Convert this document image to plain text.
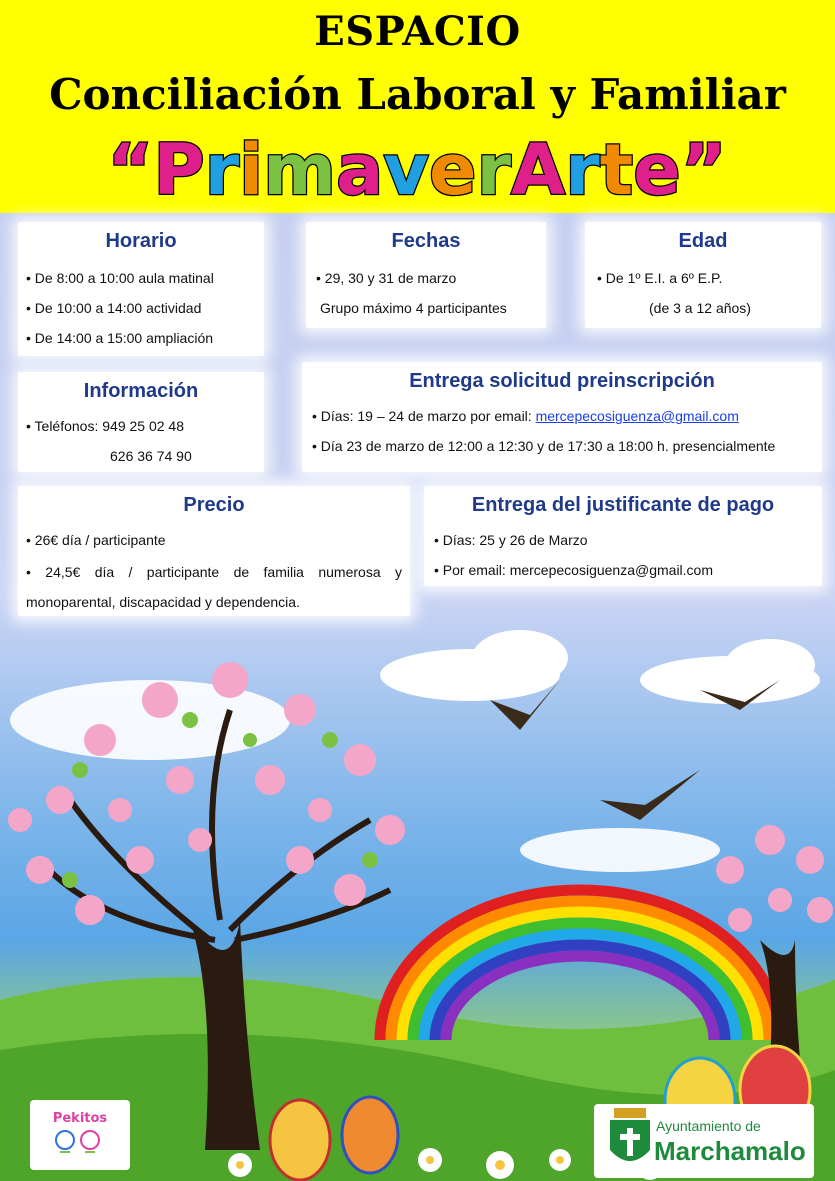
ESPACIO
Conciliación Laboral y Familiar
“PrimaverArte”
Horario
• De 8:00 a 10:00 aula matinal
• De 10:00 a 14:00 actividad
• De 14:00 a 15:00 ampliación
Fechas
• 29, 30 y 31 de marzo
Grupo máximo 4 participantes
Edad
• De 1º E.I. a 6º E.P.
(de 3 a 12 años)
Información
• Teléfonos: 949 25 02 48
626 36 74 90
Entrega solicitud preinscripción
• Días: 19 – 24 de marzo por email: mercepecosiguenza@gmail.com
• Día 23 de marzo de 12:00 a 12:30 y de 17:30 a 18:00 h. presencialmente
Precio
• 26€ día / participante
• 24,5€ día / participante de familia numerosa y
monoparental, discapacidad y dependencia.
Entrega del justificante de pago
• Días: 25 y 26 de Marzo
• Por email: mercepecosiguenza@gmail.com
Pekitos	Ayuntamiento de
Marchamalo
